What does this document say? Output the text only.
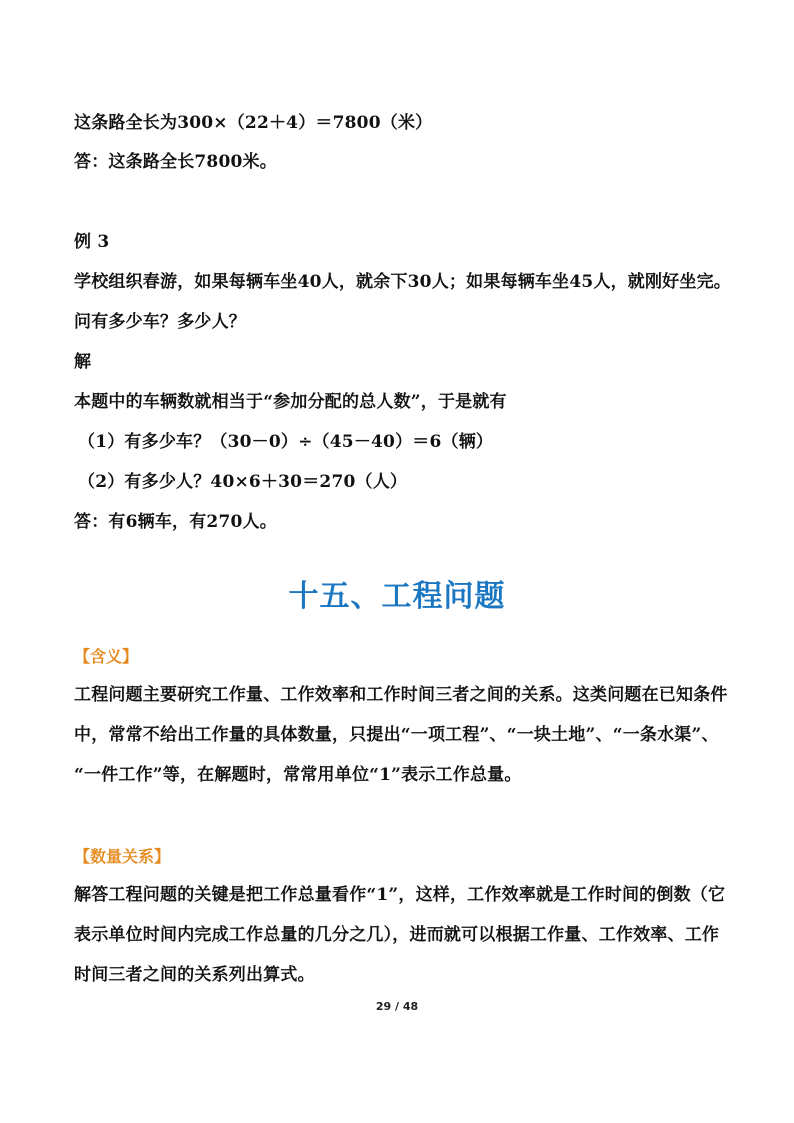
这条路全长为300×（22＋4）＝7800（米）
答：这条路全长7800米。
例 3
学校组织春游，如果每辆车坐40人，就余下30人；如果每辆车坐45人，就刚好坐完。
问有多少车？多少人？
解
本题中的车辆数就相当于“参加分配的总人数”，于是就有
（1）有多少车？（30－0）÷（45－40）＝6（辆）
（2）有多少人？40×6＋30＝270（人）
答：有6辆车，有270人。
十五、工程问题
【含义】
工程问题主要研究工作量、工作效率和工作时间三者之间的关系。这类问题在已知条件
中，常常不给出工作量的具体数量，只提出“一项工程”、“一块土地”、“一条水渠”、
“一件工作”等，在解题时，常常用单位“1”表示工作总量。
【数量关系】
解答工程问题的关键是把工作总量看作“1”，这样，工作效率就是工作时间的倒数（它
表示单位时间内完成工作总量的几分之几），进而就可以根据工作量、工作效率、工作
时间三者之间的关系列出算式。
29 / 48
